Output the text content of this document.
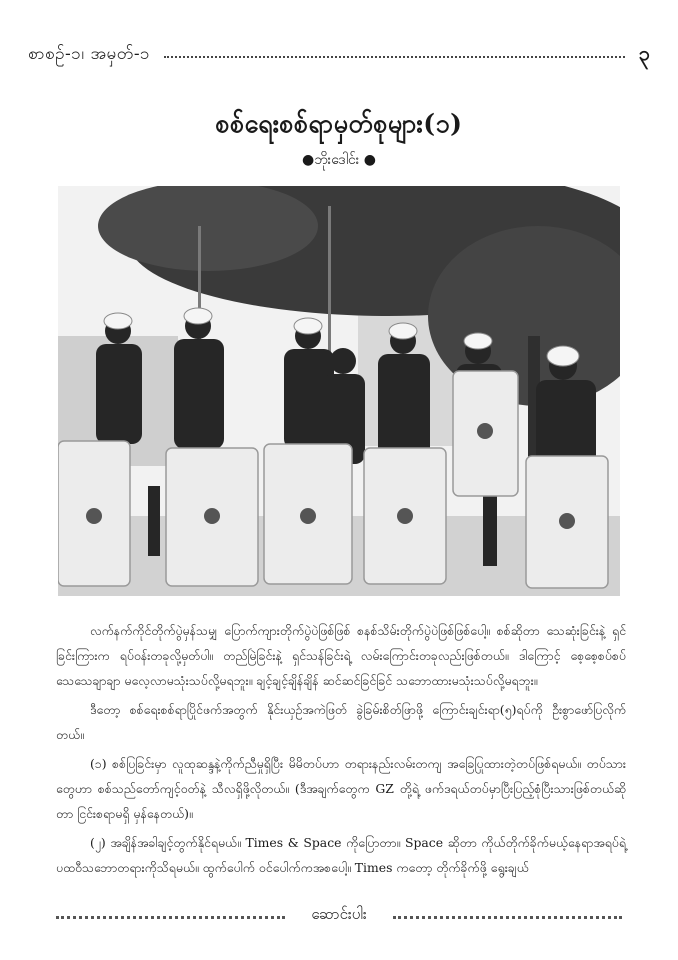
စာစဉ်-၁၊ အမှတ်-၁	၃
စစ်ရေးစစ်ရာမှတ်စုများ(၁)
●ဘိုးဒေါင်း ●

လက်နက်ကိုင်တိုက်ပွဲမှန်သမျှ ပြောက်ကျားတိုက်ပွဲပဲဖြစ်ဖြစ် စနစ်သိမ်းတိုက်ပွဲပဲဖြစ်ဖြစ်ပေါ့။ စစ်ဆိုတာ သေဆုံးခြင်းနဲ့ ရှင်ခြင်းကြားက ရပ်ဝန်းတခုလို့မှတ်ပါ။ တည်မြဲခြင်းနဲ့ ရှင်သန်ခြင်းရဲ့ လမ်းကြောင်းတခုလည်းဖြစ်တယ်။ ဒါကြောင့် စေ့စေ့စပ်စပ် သေသေချာချာ မလေ့လာမသုံးသပ်လို့မရဘူး။ ချင့်ချင့်ချိန်ချိန် ဆင်ဆင်ခြင်ခြင် သဘောထားမသုံးသပ်လို့မရဘူး။

ဒီတော့ စစ်ရေးစစ်ရာပြိုင်ဖက်အတွက် နိုင်းယှဉ်အကဲဖြတ် ခွဲခြမ်းစိတ်ဖြာဖို့ ကြောင်းချင်းရာ(၅)ရပ်ကို ဦးစွာဖော်ပြလိုက်တယ်။

(၁) စစ်ပြခြင်းမှာ လူထုဆန္ဒနဲ့ကိုက်ညီမှုရှိပြီး မိမိတပ်ဟာ တရားနည်းလမ်းတကျ အခြေပြုထားတဲ့တပ်ဖြစ်ရမယ်။ တပ်သားတွေဟာ စစ်သည်တော်ကျင့်ဝတ်နဲ့ သီလရှိဖို့လိုတယ်။ (ဒီအချက်တွေက GZ တို့ရဲ့ ဖက်ဒရယ်တပ်မှာပြီးပြည့်စုံပြီးသားဖြစ်တယ်ဆိုတာ ငြင်းစရာမရှိ မှန်နေတယ်)။

(၂) အချိန်အခါချင့်တွက်နိုင်ရမယ်။ Times & Space ကိုပြောတာ။ Space ဆိုတာ ကိုယ်တိုက်ခိုက်မယ့်နေရာအရပ်ရဲ့ ပထဝီသဘောတရားကိုသိရမယ်။ ထွက်ပေါက် ဝင်ပေါက်ကအစပေါ့။ Times ကတော့ တိုက်ခိုက်ဖို့ ရွေးချယ်

ဆောင်းပါး
